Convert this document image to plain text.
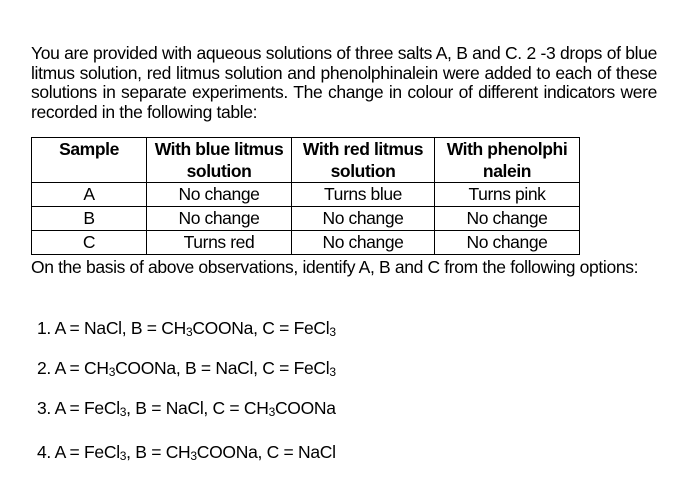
You are provided with aqueous solutions of three salts A, B and C. 2 -3 drops of blue litmus solution, red litmus solution and phenolphinalein were added to each of these solutions in separate experiments. The change in colour of different indicators were recorded in the following table:

Sample	With blue litmus solution	With red litmus solution	With phenolphi nalein
A	No change	Turns blue	Turns pink
B	No change	No change	No change
C	Turns red	No change	No change

On the basis of above observations, identify A, B and C from the following options:

1. A = NaCl, $B = CH_3COONa$, C = FeCl$_3$
2. $A = CH_3COONa$, B = NaCl, C = FeCl$_3$
3. A = FeCl$_3$, B = NaCl, $C = CH_3COONa$
4. A = FeCl$_3$, $B = CH_3COONa$, C = NaCl
